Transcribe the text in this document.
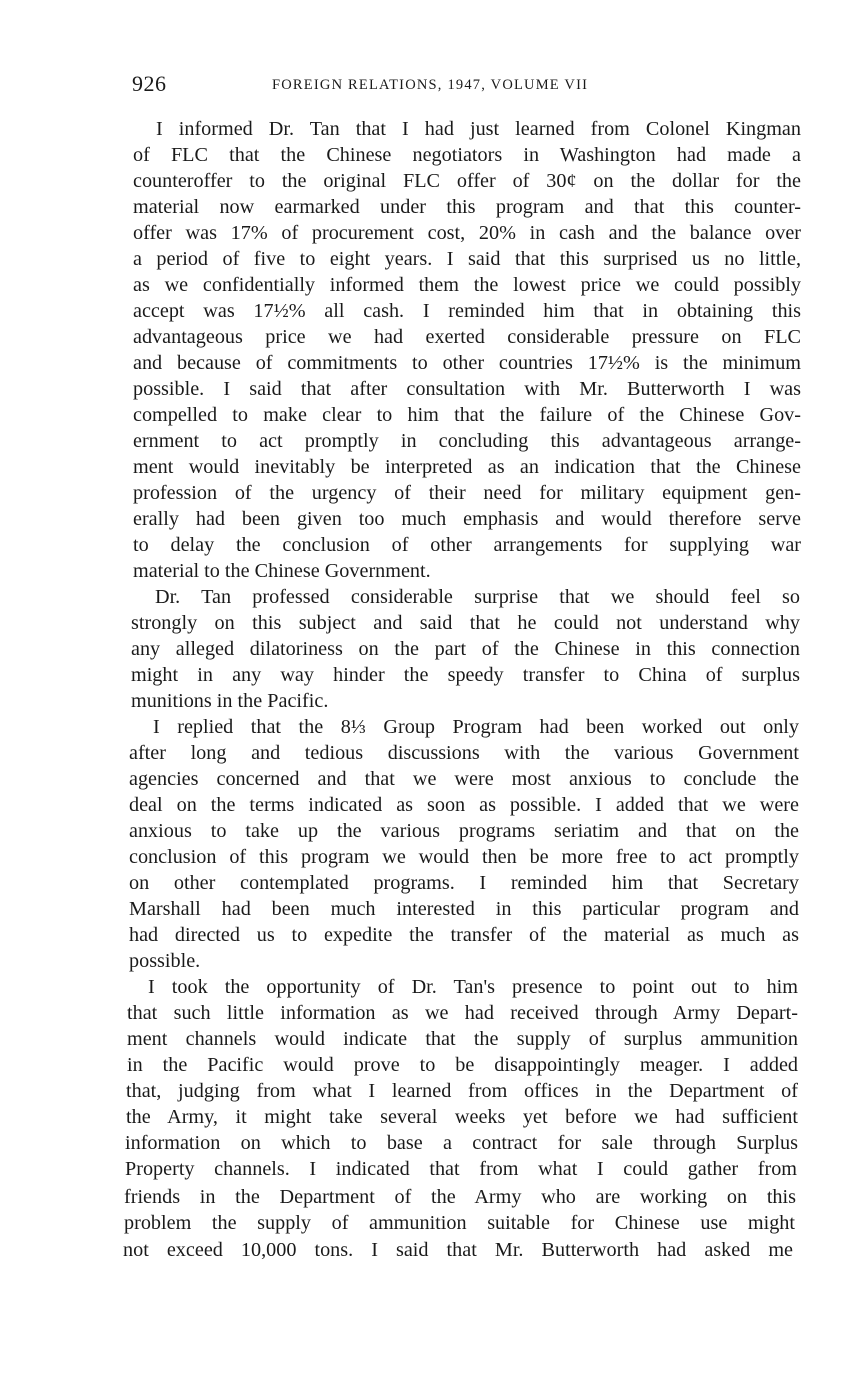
926	FOREIGN RELATIONS, 1947, VOLUME VII
I informed Dr. Tan that I had just learned from Colonel Kingman
of FLC that the Chinese negotiators in Washington had made a
counteroffer to the original FLC offer of 30¢ on the dollar for the
material now earmarked under this program and that this counter-
offer was 17% of procurement cost, 20% in cash and the balance over
a period of five to eight years. I said that this surprised us no little,
as we confidentially informed them the lowest price we could possibly
accept was 17½% all cash. I reminded him that in obtaining this
advantageous price we had exerted considerable pressure on FLC
and because of commitments to other countries 17½% is the minimum
possible. I said that after consultation with Mr. Butterworth I was
compelled to make clear to him that the failure of the Chinese Gov-
ernment to act promptly in concluding this advantageous arrange-
ment would inevitably be interpreted as an indication that the Chinese
profession of the urgency of their need for military equipment gen-
erally had been given too much emphasis and would therefore serve
to delay the conclusion of other arrangements for supplying war
material to the Chinese Government.
Dr. Tan professed considerable surprise that we should feel so
strongly on this subject and said that he could not understand why
any alleged dilatoriness on the part of the Chinese in this connection
might in any way hinder the speedy transfer to China of surplus
munitions in the Pacific.
I replied that the 8⅓ Group Program had been worked out only
after long and tedious discussions with the various Government
agencies concerned and that we were most anxious to conclude the
deal on the terms indicated as soon as possible. I added that we were
anxious to take up the various programs seriatim and that on the
conclusion of this program we would then be more free to act promptly
on other contemplated programs. I reminded him that Secretary
Marshall had been much interested in this particular program and
had directed us to expedite the transfer of the material as much as
possible.
I took the opportunity of Dr. Tan's presence to point out to him
that such little information as we had received through Army Depart-
ment channels would indicate that the supply of surplus ammunition
in the Pacific would prove to be disappointingly meager. I added
that, judging from what I learned from offices in the Department of
the Army, it might take several weeks yet before we had sufficient
information on which to base a contract for sale through Surplus
Property channels. I indicated that from what I could gather from
friends in the Department of the Army who are working on this
problem the supply of ammunition suitable for Chinese use might
not exceed 10,000 tons. I said that Mr. Butterworth had asked me
